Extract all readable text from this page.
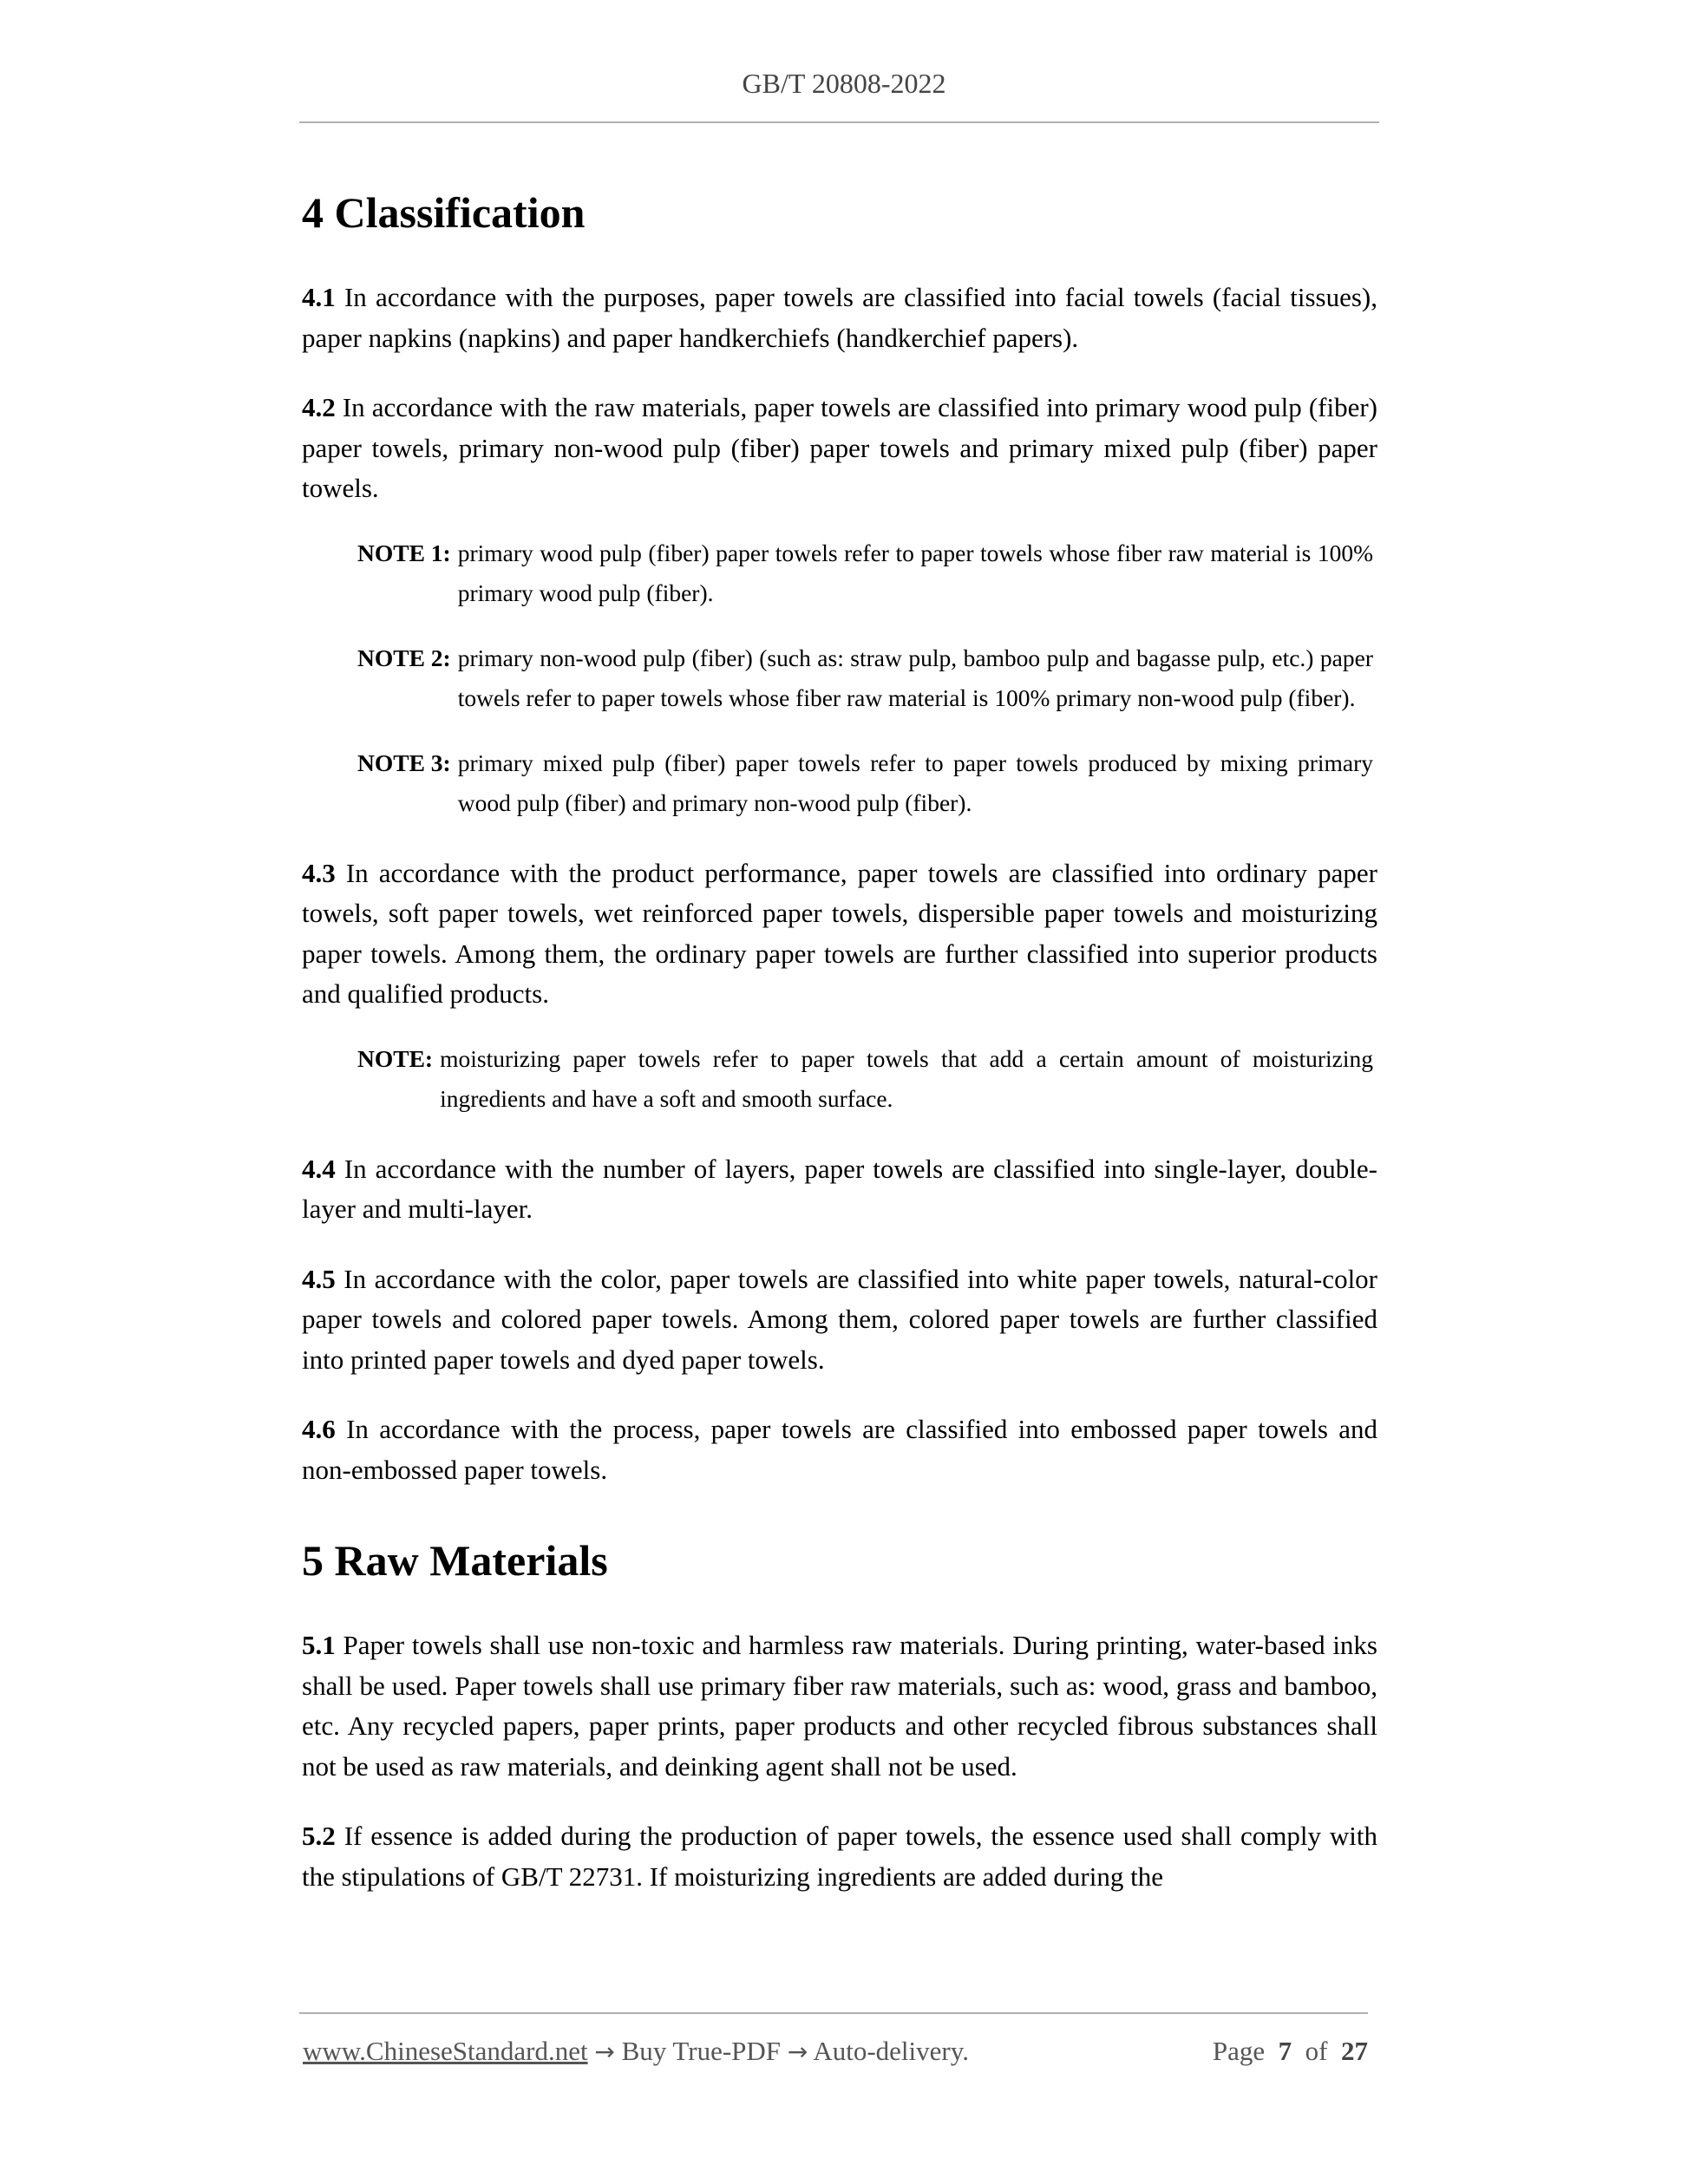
GB/T 20808-2022
4 Classification

4.1 In accordance with the purposes, paper towels are classified into facial towels (facial tissues), paper napkins (napkins) and paper handkerchiefs (handkerchief papers).

4.2 In accordance with the raw materials, paper towels are classified into primary wood pulp (fiber) paper towels, primary non-wood pulp (fiber) paper towels and primary mixed pulp (fiber) paper towels.

NOTE 1: primary wood pulp (fiber) paper towels refer to paper towels whose fiber raw material is 100% primary wood pulp (fiber).
NOTE 2: primary non-wood pulp (fiber) (such as: straw pulp, bamboo pulp and bagasse pulp, etc.) paper towels refer to paper towels whose fiber raw material is 100% primary non-wood pulp (fiber).
NOTE 3: primary mixed pulp (fiber) paper towels refer to paper towels produced by mixing primary wood pulp (fiber) and primary non-wood pulp (fiber).

4.3 In accordance with the product performance, paper towels are classified into ordinary paper towels, soft paper towels, wet reinforced paper towels, dispersible paper towels and moisturizing paper towels. Among them, the ordinary paper towels are further classified into superior products and qualified products.

NOTE: moisturizing paper towels refer to paper towels that add a certain amount of moisturizing ingredients and have a soft and smooth surface.

4.4 In accordance with the number of layers, paper towels are classified into single-layer, double-layer and multi-layer.

4.5 In accordance with the color, paper towels are classified into white paper towels, natural-color paper towels and colored paper towels. Among them, colored paper towels are further classified into printed paper towels and dyed paper towels.

4.6 In accordance with the process, paper towels are classified into embossed paper towels and non-embossed paper towels.

5 Raw Materials

5.1 Paper towels shall use non-toxic and harmless raw materials. During printing, water-based inks shall be used. Paper towels shall use primary fiber raw materials, such as: wood, grass and bamboo, etc. Any recycled papers, paper prints, paper products and other recycled fibrous substances shall not be used as raw materials, and deinking agent shall not be used.

5.2 If essence is added during the production of paper towels, the essence used shall comply with the stipulations of GB/T 22731. If moisturizing ingredients are added during the

www.ChineseStandard.net → Buy True-PDF → Auto-delivery.	Page 7 of 27
